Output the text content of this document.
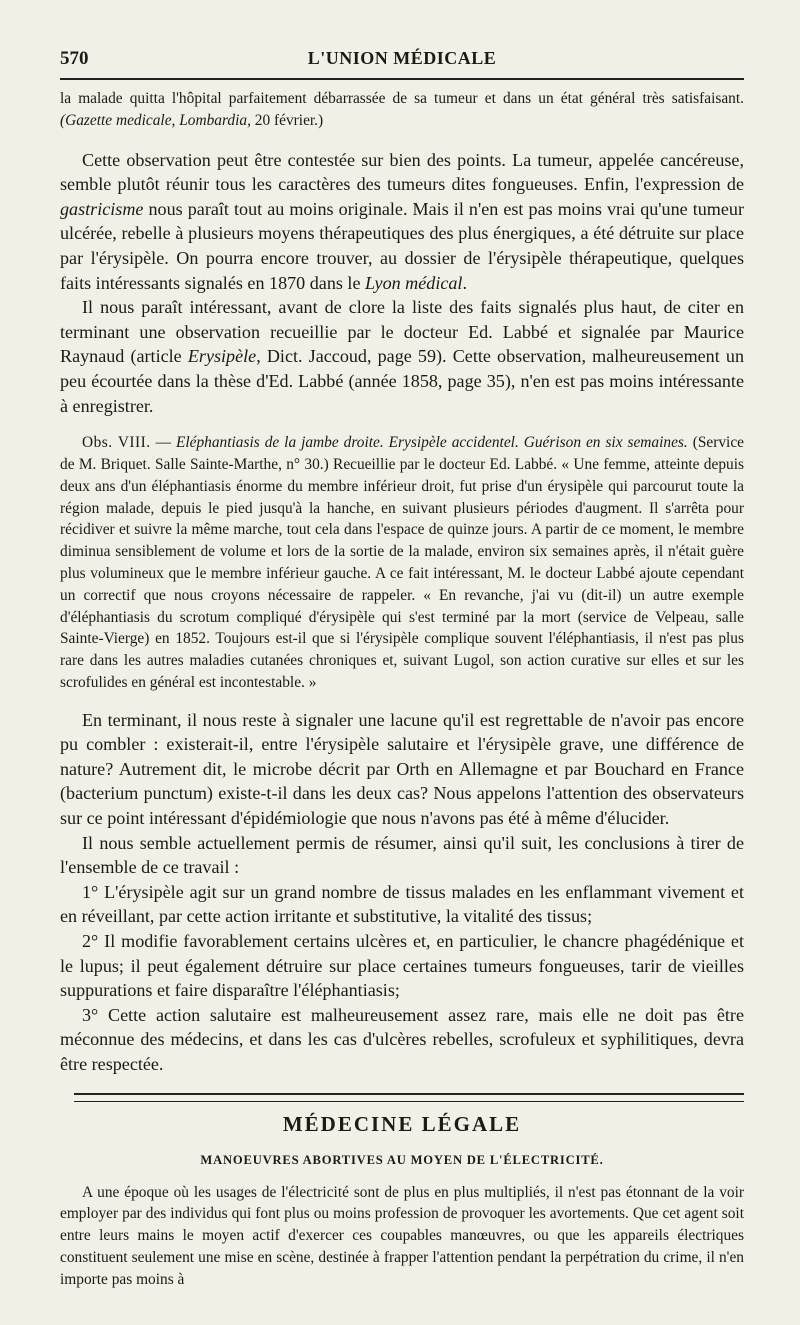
570	L'UNION MÉDICALE

la malade quitta l'hôpital parfaitement débarrassée de sa tumeur et dans un état général très satisfaisant. (Gazette medicale, Lombardia, 20 février.)

Cette observation peut être contestée sur bien des points. La tumeur, appelée cancéreuse, semble plutôt réunir tous les caractères des tumeurs dites fongueuses. Enfin, l'expression de gastricisme nous paraît tout au moins originale. Mais il n'en est pas moins vrai qu'une tumeur ulcérée, rebelle à plusieurs moyens thérapeutiques des plus énergiques, a été détruite sur place par l'érysipèle. On pourra encore trouver, au dossier de l'érysipèle thérapeutique, quelques faits intéressants signalés en 1870 dans le Lyon médical.

Il nous paraît intéressant, avant de clore la liste des faits signalés plus haut, de citer en terminant une observation recueillie par le docteur Ed. Labbé et signalée par Maurice Raynaud (article Erysipèle, Dict. Jaccoud, page 59). Cette observation, malheureusement un peu écourtée dans la thèse d'Ed. Labbé (année 1858, page 35), n'en est pas moins intéressante à enregistrer.

Obs. VIII. — Eléphantiasis de la jambe droite. Erysipèle accidentel. Guérison en six semaines. (Service de M. Briquet. Salle Sainte-Marthe, n° 30.) Recueillie par le docteur Ed. Labbé. « Une femme, atteinte depuis deux ans d'un éléphantiasis énorme du membre inférieur droit, fut prise d'un érysipèle qui parcourut toute la région malade, depuis le pied jusqu'à la hanche, en suivant plusieurs périodes d'augment. Il s'arrêta pour récidiver et suivre la même marche, tout cela dans l'espace de quinze jours. A partir de ce moment, le membre diminua sensiblement de volume et lors de la sortie de la malade, environ six semaines après, il n'était guère plus volumineux que le membre inférieur gauche. A ce fait intéressant, M. le docteur Labbé ajoute cependant un correctif que nous croyons nécessaire de rappeler. « En revanche, j'ai vu (dit-il) un autre exemple d'éléphantiasis du scrotum compliqué d'érysipèle qui s'est terminé par la mort (service de Velpeau, salle Sainte-Vierge) en 1852. Toujours est-il que si l'érysipèle complique souvent l'éléphantiasis, il n'est pas plus rare dans les autres maladies cutanées chroniques et, suivant Lugol, son action curative sur elles et sur les scrofulides en général est incontestable. »

En terminant, il nous reste à signaler une lacune qu'il est regrettable de n'avoir pas encore pu combler : existerait-il, entre l'érysipèle salutaire et l'érysipèle grave, une différence de nature? Autrement dit, le microbe décrit par Orth en Allemagne et par Bouchard en France (bacterium punctum) existe-t-il dans les deux cas? Nous appelons l'attention des observateurs sur ce point intéressant d'épidémiologie que nous n'avons pas été à même d'élucider.

Il nous semble actuellement permis de résumer, ainsi qu'il suit, les conclusions à tirer de l'ensemble de ce travail :

1° L'érysipèle agit sur un grand nombre de tissus malades en les enflammant vivement et en réveillant, par cette action irritante et substitutive, la vitalité des tissus;

2° Il modifie favorablement certains ulcères et, en particulier, le chancre phagédénique et le lupus; il peut également détruire sur place certaines tumeurs fongueuses, tarir de vieilles suppurations et faire disparaître l'éléphantiasis;

3° Cette action salutaire est malheureusement assez rare, mais elle ne doit pas être méconnue des médecins, et dans les cas d'ulcères rebelles, scrofuleux et syphilitiques, devra être respectée.

MÉDECINE LÉGALE
MANOEUVRES ABORTIVES AU MOYEN DE L'ÉLECTRICITÉ.

A une époque où les usages de l'électricité sont de plus en plus multipliés, il n'est pas étonnant de la voir employer par des individus qui font plus ou moins profession de provoquer les avortements. Que cet agent soit entre leurs mains le moyen actif d'exercer ces coupables manœuvres, ou que les appareils électriques constituent seulement une mise en scène, destinée à frapper l'attention pendant la perpétration du crime, il n'en importe pas moins à
